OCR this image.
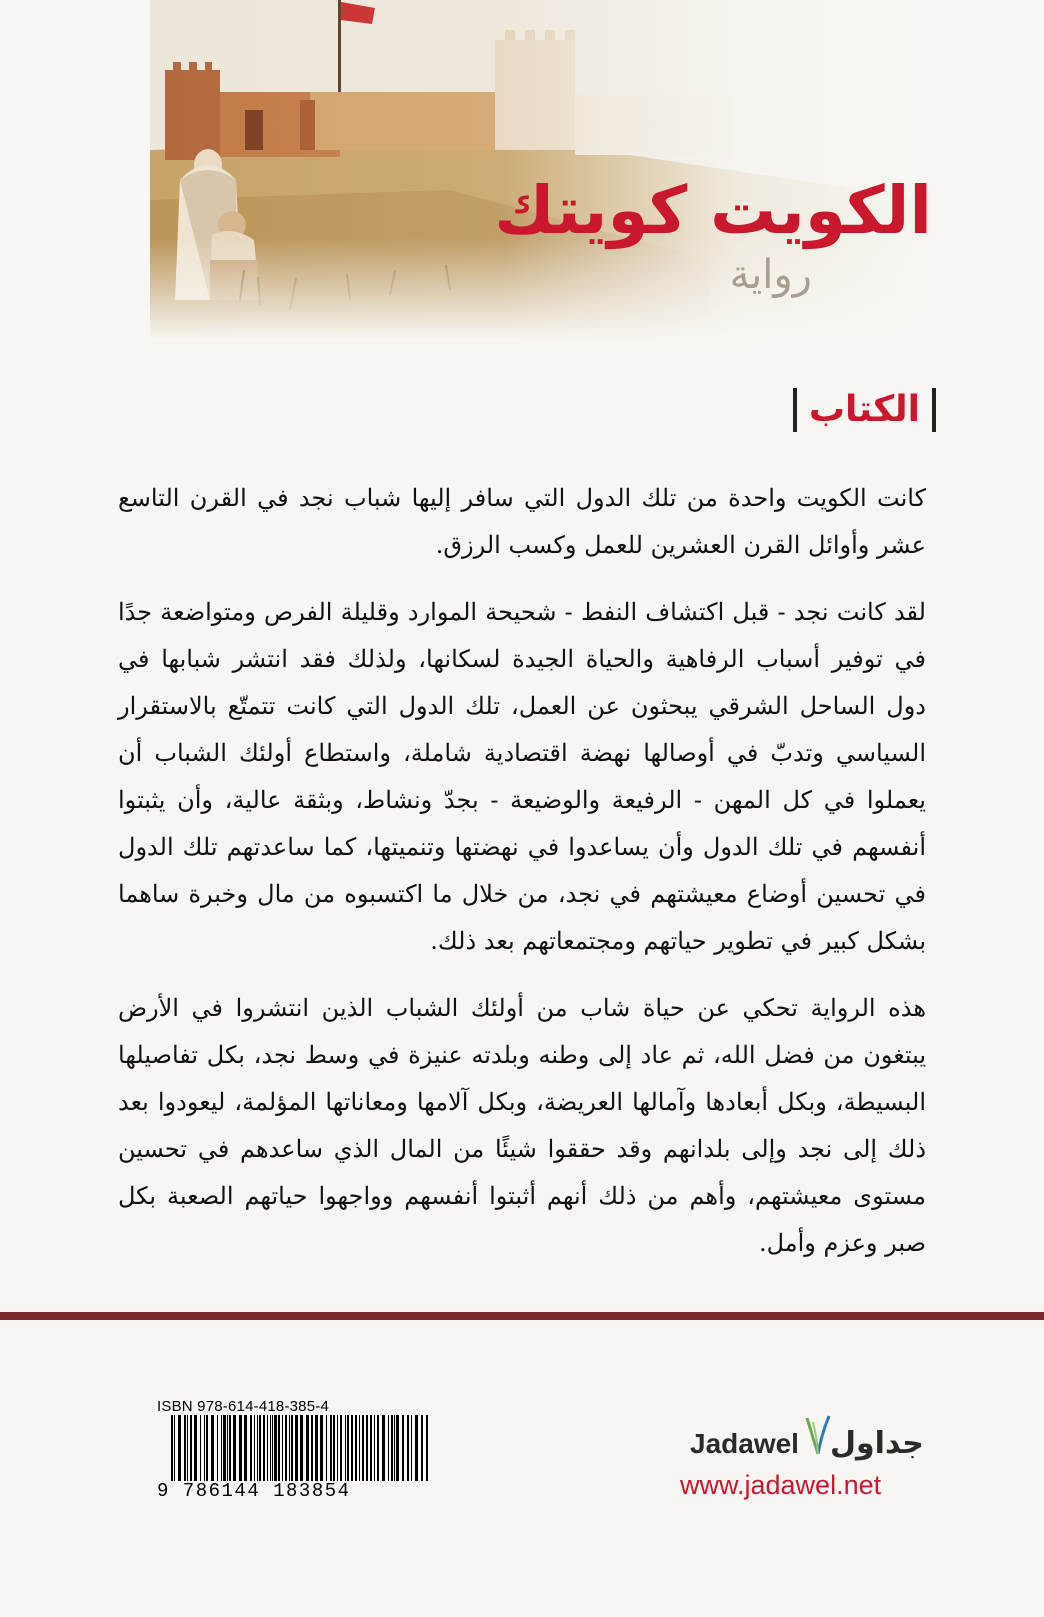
الكويت كويتك
رواية
الكتاب

كانت الكويت واحدة من تلك الدول التي سافر إليها شباب نجد في القرن التاسع عشر وأوائل القرن العشرين للعمل وكسب الرزق.

لقد كانت نجد - قبل اكتشاف النفط - شحيحة الموارد وقليلة الفرص ومتواضعة جدًا في توفير أسباب الرفاهية والحياة الجيدة لسكانها، ولذلك فقد انتشر شبابها في دول الساحل الشرقي يبحثون عن العمل، تلك الدول التي كانت تتمتّع بالاستقرار السياسي وتدبّ في أوصالها نهضة اقتصادية شاملة، واستطاع أولئك الشباب أن يعملوا في كل المهن - الرفيعة والوضيعة - بجدّ ونشاط، وبثقة عالية، وأن يثبتوا أنفسهم في تلك الدول وأن يساعدوا في نهضتها وتنميتها، كما ساعدتهم تلك الدول في تحسين أوضاع معيشتهم في نجد، من خلال ما اكتسبوه من مال وخبرة ساهما بشكل كبير في تطوير حياتهم ومجتمعاتهم بعد ذلك.

هذه الرواية تحكي عن حياة شاب من أولئك الشباب الذين انتشروا في الأرض يبتغون من فضل الله، ثم عاد إلى وطنه وبلدته عنيزة في وسط نجد، بكل تفاصيلها البسيطة، وبكل أبعادها وآمالها العريضة، وبكل آلامها ومعاناتها المؤلمة، ليعودوا بعد ذلك إلى نجد وإلى بلدانهم وقد حققوا شيئًا من المال الذي ساعدهم في تحسين مستوى معيشتهم، وأهم من ذلك أنهم أثبتوا أنفسهم وواجهوا حياتهم الصعبة بكل صبر وعزم وأمل.

ISBN 978-614-418-385-4
9 786144 183854
Jadawel جداول
www.jadawel.net
